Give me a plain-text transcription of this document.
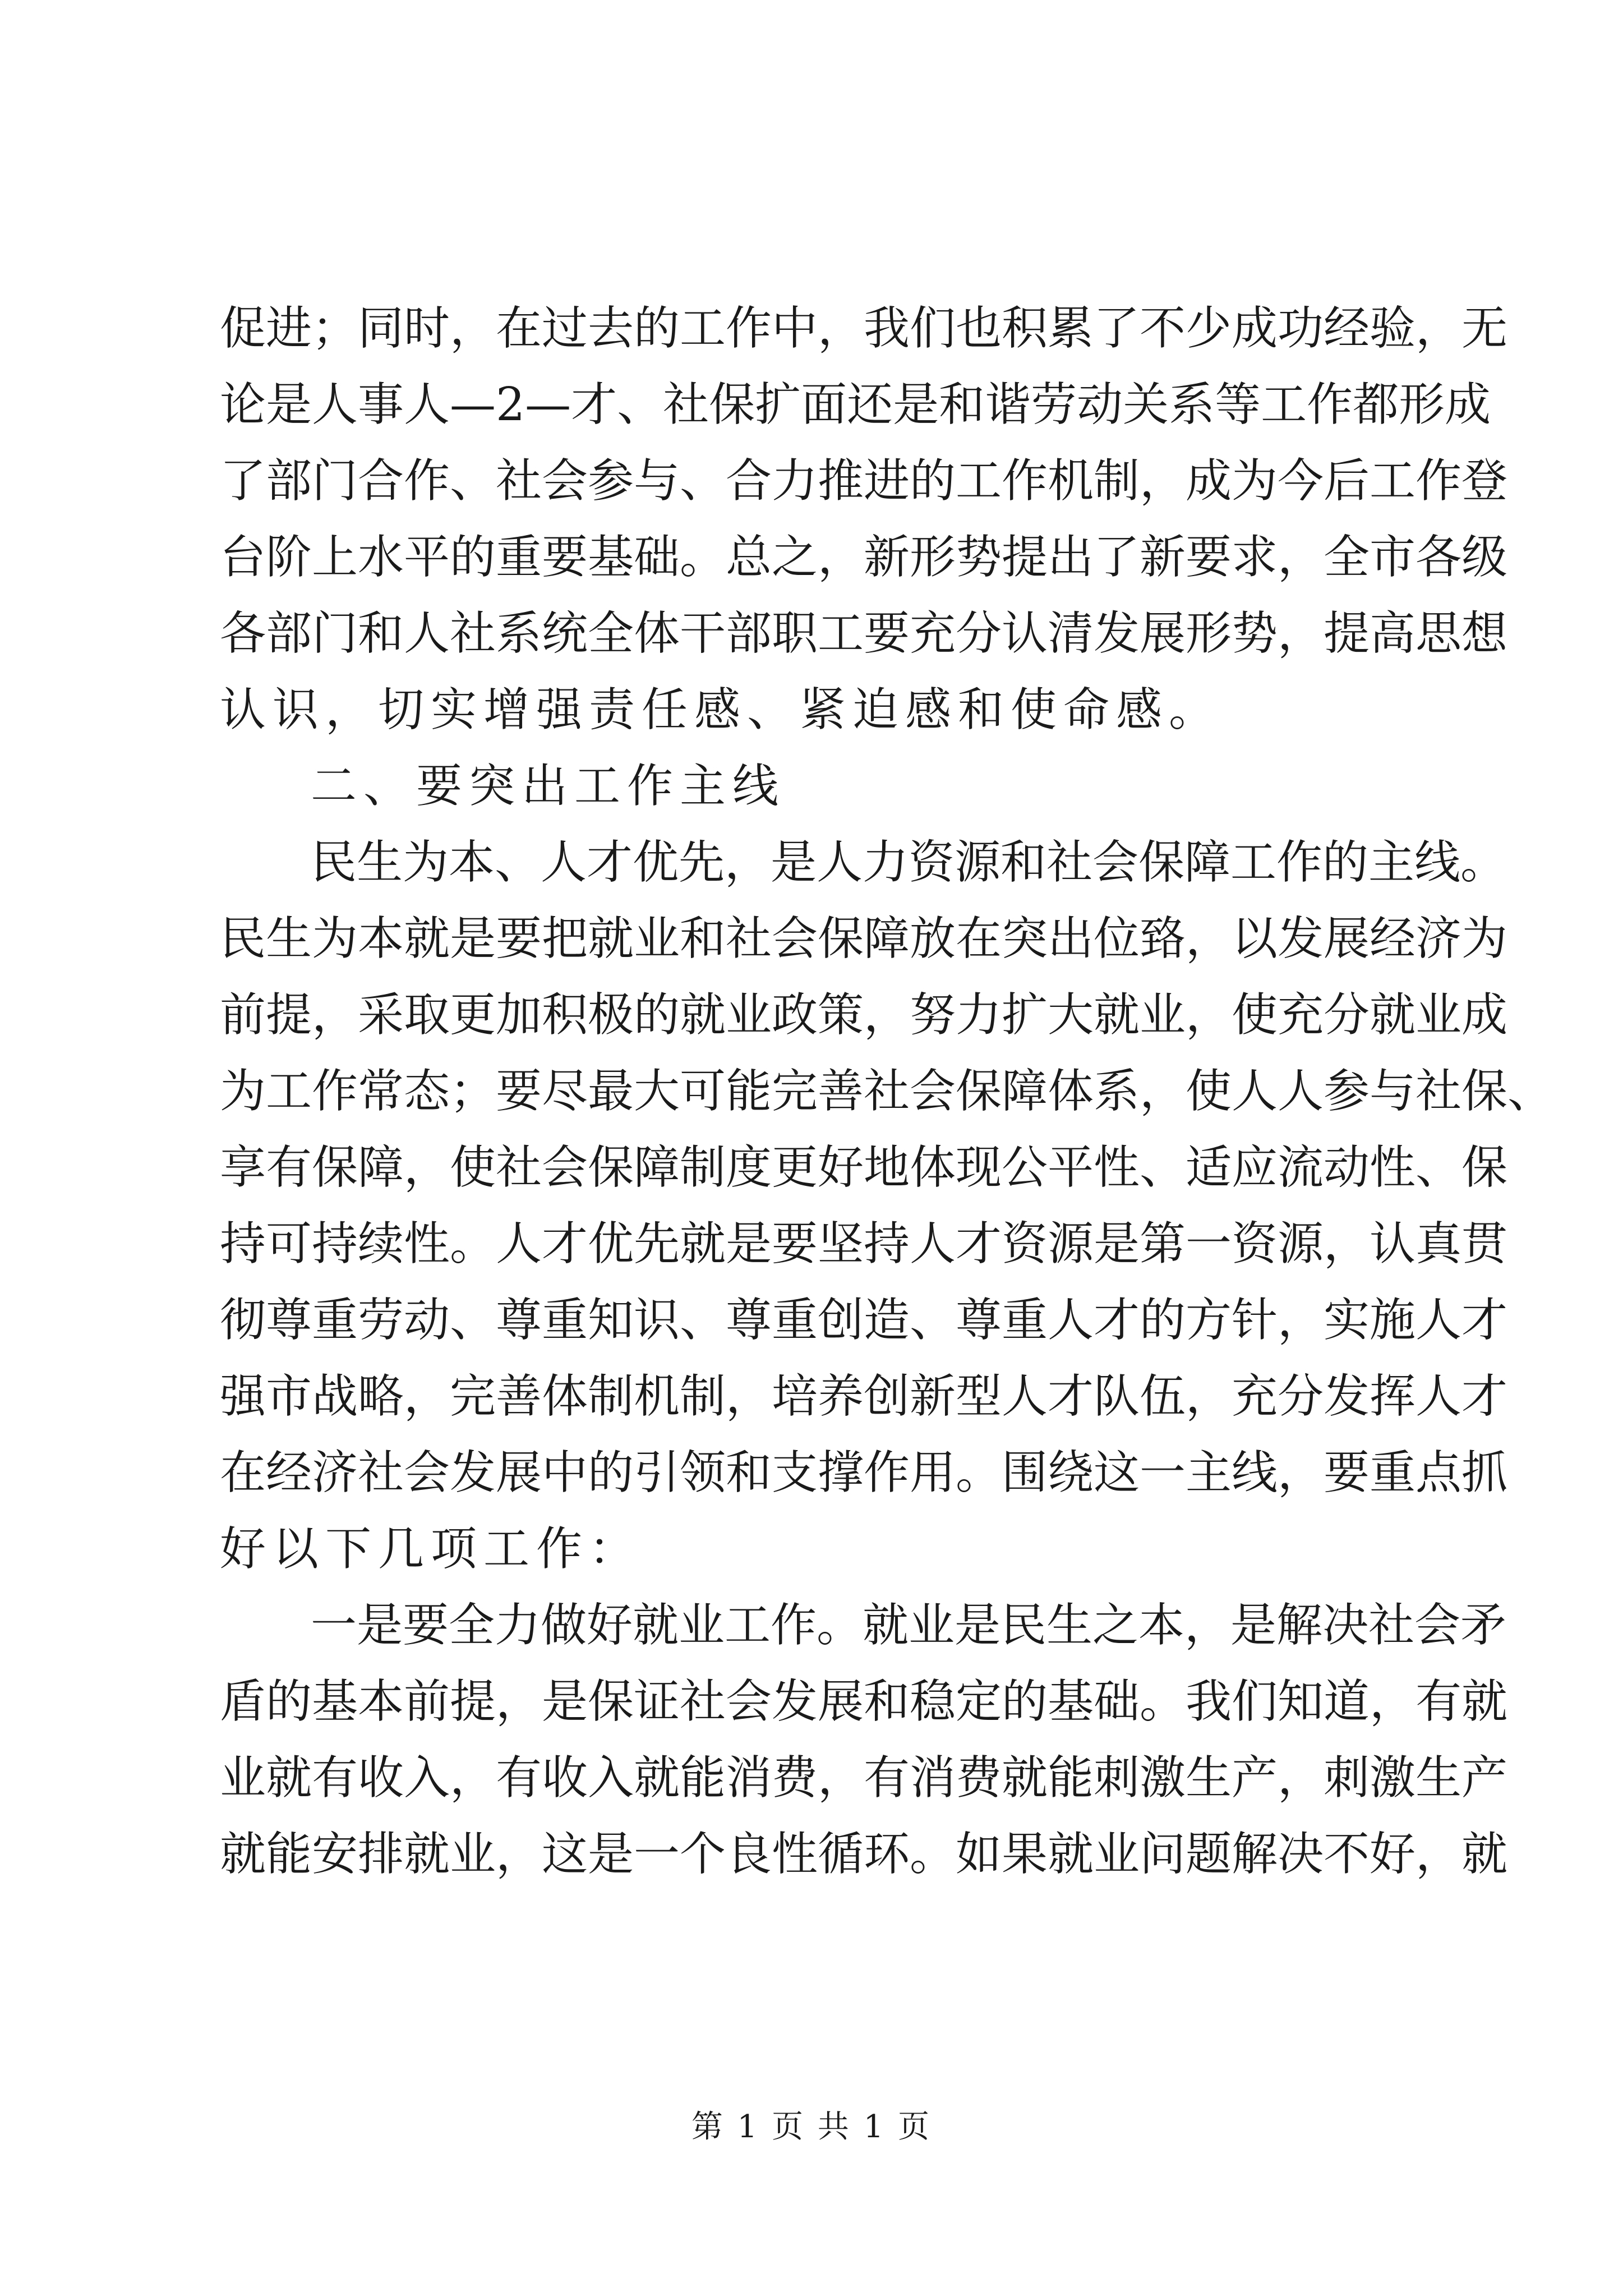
促进；同时，在过去的工作中，我们也积累了不少成功经验，无
论是人事人—2—才、社保扩面还是和谐劳动关系等工作都形成
了部门合作、社会参与、合力推进的工作机制，成为今后工作登
台阶上水平的重要基础。总之，新形势提出了新要求，全市各级
各部门和人社系统全体干部职工要充分认清发展形势，提高思想
认识，切实增强责任感、紧迫感和使命感。
二、要突出工作主线
民生为本、人才优先，是人力资源和社会保障工作的主线。
民生为本就是要把就业和社会保障放在突出位臵，以发展经济为
前提，采取更加积极的就业政策，努力扩大就业，使充分就业成
为工作常态；要尽最大可能完善社会保障体系，使人人参与社保、
享有保障，使社会保障制度更好地体现公平性、适应流动性、保
持可持续性。人才优先就是要坚持人才资源是第一资源，认真贯
彻尊重劳动、尊重知识、尊重创造、尊重人才的方针，实施人才
强市战略，完善体制机制，培养创新型人才队伍，充分发挥人才
在经济社会发展中的引领和支撑作用。围绕这一主线，要重点抓
好以下几项工作：
一是要全力做好就业工作。就业是民生之本，是解决社会矛
盾的基本前提，是保证社会发展和稳定的基础。我们知道，有就
业就有收入，有收入就能消费，有消费就能刺激生产，刺激生产
就能安排就业，这是一个良性循环。如果就业问题解决不好，就
第 1 页 共 1 页
